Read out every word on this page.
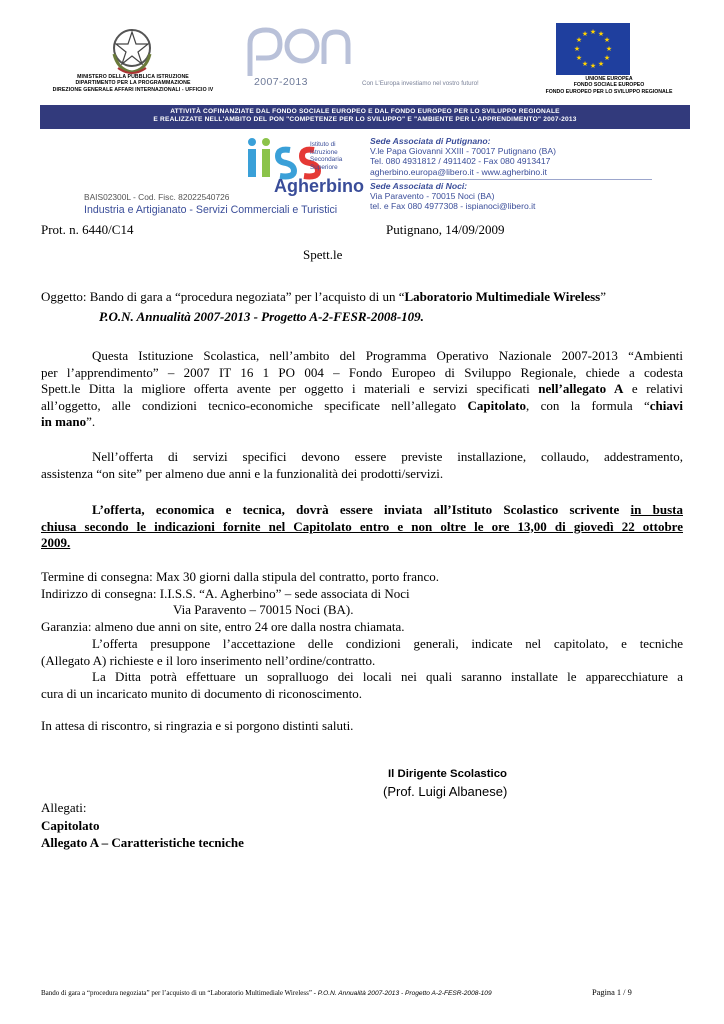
MINISTERO DELLA PUBBLICA ISTRUZIONE
DIPARTIMENTO PER LA PROGRAMMAZIONE
DIREZIONE GENERALE AFFARI INTERNAZIONALI - UFFICIO IV
2007-2013	Con L'Europa investiamo nel vostro futuro!
★ ★
★
★
★
★
★
★
★
★
★
★
UNIONE EUROPEA
FONDO SOCIALE EUROPEO
FONDO EUROPEO PER LO SVILUPPO REGIONALE
ATTIVITÀ COFINANZIATE DAL FONDO SOCIALE EUROPEO E DAL FONDO EUROPEO PER LO SVILUPPO REGIONALE
E REALIZZATE NELL'AMBITO DEL PON "COMPETENZE PER LO SVILUPPO" E "AMBIENTE PER L'APPRENDIMENTO" 2007-2013
Istituto di
Istruzione
Secondaria
Superiore
Agherbino
BAIS02300L - Cod. Fisc. 82022540726
Industria e Artigianato - Servizi Commerciali e Turistici
Sede Associata di Putignano:
V.le Papa Giovanni XXIII - 70017 Putignano (BA)
Tel. 080 4931812 / 4911402 - Fax 080 4913417
agherbino.europa@libero.it - www.agherbino.it
Sede Associata di Noci:
Via Paravento - 70015 Noci (BA)
tel. e Fax 080 4977308 - ispianoci@libero.it
Prot. n. 6440/C14	Putignano, 14/09/2009
Spett.le
Oggetto: Bando di gara a “procedura negoziata” per l’acquisto di un “Laboratorio Multimediale Wireless”
P.O.N. Annualità 2007-2013 - Progetto A-2-FESR-2008-109.
Questa Istituzione Scolastica, nell’ambito del Programma Operativo Nazionale 2007-2013 “Ambienti
per l’apprendimento” – 2007 IT 16 1 PO 004 – Fondo Europeo di Sviluppo Regionale, chiede a codesta
Spett.le Ditta la migliore offerta avente per oggetto i materiali e servizi specificati nell’allegato A e relativi
all’oggetto, alle condizioni tecnico-economiche specificate nell’allegato Capitolato, con la formula “chiavi
in mano”.
Nell’offerta di servizi specifici devono essere previste installazione, collaudo, addestramento,
assistenza “on site” per almeno due anni e la funzionalità dei prodotti/servizi.
L’offerta, economica e tecnica, dovrà essere inviata all’Istituto Scolastico scrivente in busta
chiusa secondo le indicazioni fornite nel Capitolato entro e non oltre le ore 13,00 di giovedì 22 ottobre
2009.
Termine di consegna: Max 30 giorni dalla stipula del contratto, porto franco.
Indirizzo di consegna: I.I.S.S. “A. Agherbino” – sede associata di Noci
Via Paravento – 70015 Noci (BA).
Garanzia: almeno due anni on site, entro 24 ore dalla nostra chiamata.
L’offerta presuppone l’accettazione delle condizioni generali, indicate nel capitolato, e tecniche
(Allegato A) richieste e il loro inserimento nell’ordine/contratto.
La Ditta potrà effettuare un sopralluogo dei locali nei quali saranno installate le apparecchiature a
cura di un incaricato munito di documento di riconoscimento.
In attesa di riscontro, si ringrazia e si porgono distinti saluti.
Il Dirigente Scolastico
(Prof. Luigi Albanese)
Allegati:
Capitolato
Allegato A – Caratteristiche tecniche
Bando di gara a “procedura negoziata” per l’acquisto di un “Laboratorio Multimediale Wireless” - P.O.N. Annualità 2007-2013 - Progetto A-2-FESR-2008-109	Pagina 1 / 9
